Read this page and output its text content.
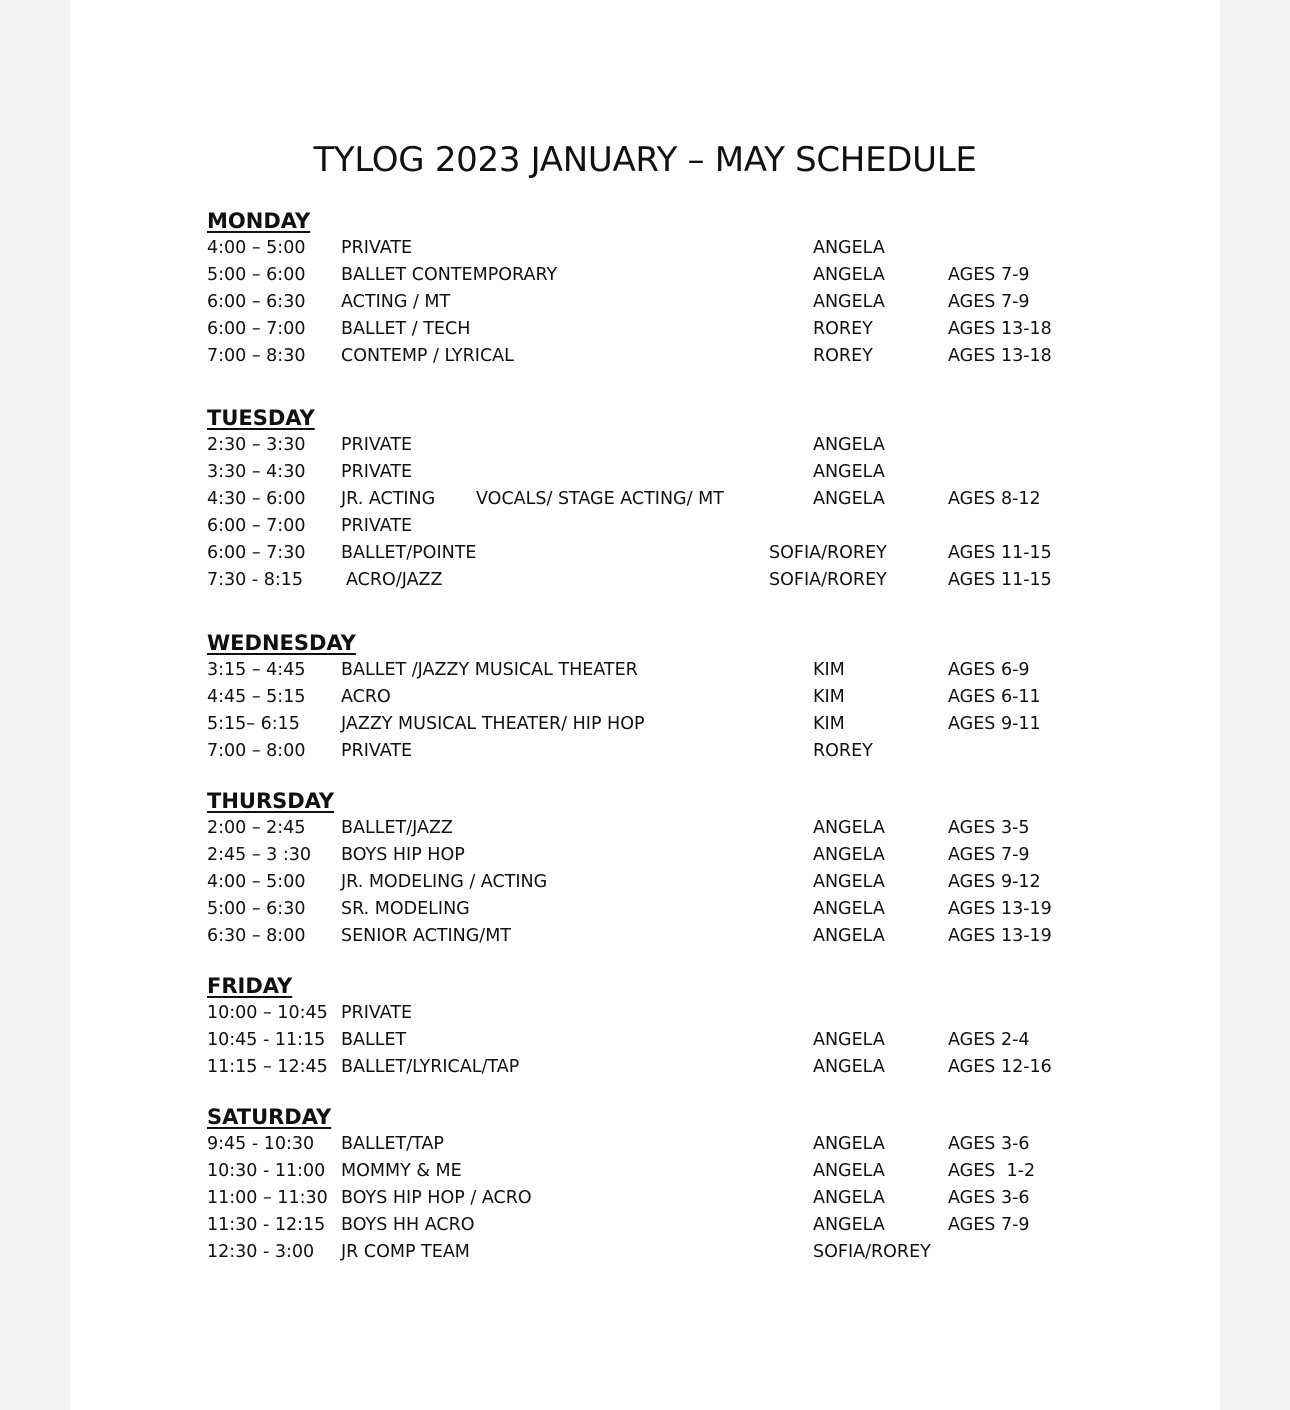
TYLOG 2023 JANUARY – MAY SCHEDULE
MONDAY
4:00 – 5:00 PRIVATE	ANGELA
5:00 – 6:00 BALLET CONTEMPORARY	ANGELA	AGES 7-9
6:00 – 6:30 ACTING / MT	ANGELA	AGES 7-9
6:00 – 7:00 BALLET / TECH	ROREY	AGES 13-18
7:00 – 8:30 CONTEMP / LYRICAL	ROREY	AGES 13-18
TUESDAY
2:30 – 3:30 PRIVATE	ANGELA
3:30 – 4:30 PRIVATE	ANGELA
4:30 – 6:00 JR. ACTING VOCALS/ STAGE ACTING/ MT	ANGELA	AGES 8-12
6:00 – 7:00 PRIVATE
6:00 – 7:30 BALLET/POINTE	SOFIA/ROREY	AGES 11-15
7:30 - 8:15 ACRO/JAZZ	SOFIA/ROREY	AGES 11-15
WEDNESDAY
3:15 – 4:45 BALLET /JAZZY MUSICAL THEATER	KIM	AGES 6-9
4:45 – 5:15 ACRO	KIM	AGES 6-11
5:15– 6:15 JAZZY MUSICAL THEATER/ HIP HOP	KIM	AGES 9-11
7:00 – 8:00 PRIVATE	ROREY
THURSDAY
2:00 – 2:45 BALLET/JAZZ	ANGELA	AGES 3-5
2:45 – 3 :30 BOYS HIP HOP	ANGELA	AGES 7-9
4:00 – 5:00 JR. MODELING / ACTING	ANGELA	AGES 9-12
5:00 – 6:30 SR. MODELING	ANGELA	AGES 13-19
6:30 – 8:00 SENIOR ACTING/MT	ANGELA	AGES 13-19
FRIDAY
10:00 – 10:45 PRIVATE
10:45 - 11:15 BALLET	ANGELA	AGES 2-4
11:15 – 12:45 BALLET/LYRICAL/TAP	ANGELA	AGES 12-16
SATURDAY
9:45 - 10:30 BALLET/TAP	ANGELA	AGES 3-6
10:30 - 11:00 MOMMY & ME	ANGELA	AGES  1-2
11:00 – 11:30 BOYS HIP HOP / ACRO	ANGELA	AGES 3-6
11:30 - 12:15 BOYS HH ACRO	ANGELA	AGES 7-9
12:30 - 3:00 JR COMP TEAM	SOFIA/ROREY
